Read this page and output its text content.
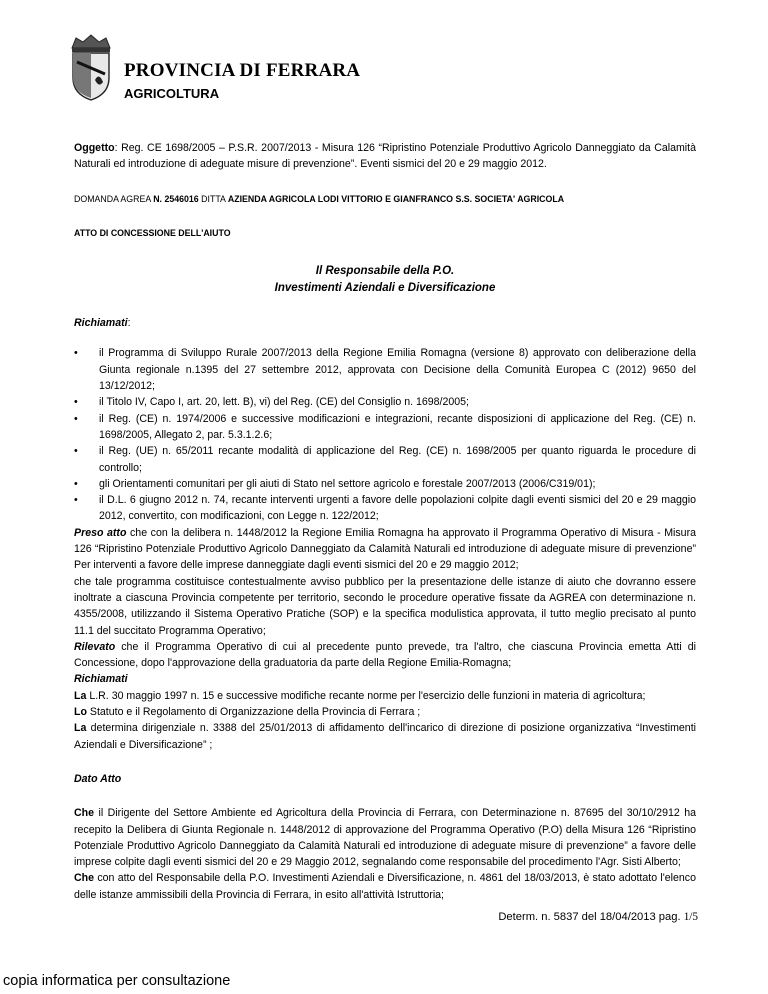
PROVINCIA DI FERRARA
AGRICOLTURA

Oggetto: Reg. CE 1698/2005 – P.S.R. 2007/2013 - Misura 126 “Ripristino Potenziale Produttivo Agricolo Danneggiato da Calamità Naturali ed introduzione di adeguate misure di prevenzione”. Eventi sismici del 20 e 29 maggio 2012.

DOMANDA AGREA N. 2546016 DITTA AZIENDA AGRICOLA LODI VITTORIO E GIANFRANCO S.S. SOCIETA' AGRICOLA

ATTO DI CONCESSIONE DELL'AIUTO

Il Responsabile della P.O.
Investimenti Aziendali e Diversificazione

Richiamati:

• il Programma di Sviluppo Rurale 2007/2013 della Regione Emilia Romagna (versione 8) approvato con deliberazione della Giunta regionale n.1395 del 27 settembre 2012, approvata con Decisione della Comunità Europea C (2012) 9650 del 13/12/2012;
• il Titolo IV, Capo I, art. 20, lett. B), vi) del Reg. (CE) del Consiglio n. 1698/2005;
• il Reg. (CE) n. 1974/2006 e successive modificazioni e integrazioni, recante disposizioni di applicazione del Reg. (CE) n. 1698/2005, Allegato 2, par. 5.3.1.2.6;
• il Reg. (UE) n. 65/2011 recante modalità di applicazione del Reg. (CE) n. 1698/2005 per quanto riguarda le procedure di controllo;
• gli Orientamenti comunitari per gli aiuti di Stato nel settore agricolo e forestale 2007/2013 (2006/C319/01);
• il D.L. 6 giugno 2012 n. 74, recante interventi urgenti a favore delle popolazioni colpite dagli eventi sismici del 20 e 29 maggio 2012, convertito, con modificazioni, con Legge n. 122/2012;

Preso atto che con la delibera n. 1448/2012 la Regione Emilia Romagna ha approvato il Programma Operativo di Misura - Misura 126 “Ripristino Potenziale Produttivo Agricolo Danneggiato da Calamità Naturali ed introduzione di adeguate misure di prevenzione” Per interventi a favore delle imprese danneggiate dagli eventi sismici del 20 e 29 maggio 2012;

che tale programma costituisce contestualmente avviso pubblico per la presentazione delle istanze di aiuto che dovranno essere inoltrate a ciascuna Provincia competente per territorio, secondo le procedure operative fissate da AGREA con determinazione n. 4355/2008, utilizzando il Sistema Operativo Pratiche (SOP) e la specifica modulistica approvata, il tutto meglio precisato al punto 11.1 del succitato Programma Operativo;

Rilevato che il Programma Operativo di cui al precedente punto prevede, tra l'altro, che ciascuna Provincia emetta Atti di Concessione, dopo l'approvazione della graduatoria da parte della Regione Emilia-Romagna;

Richiamati

La L.R. 30 maggio 1997 n. 15 e successive modifiche recante norme per l'esercizio delle funzioni in materia di agricoltura;

Lo Statuto e il Regolamento di Organizzazione della Provincia di Ferrara ;

La determina dirigenziale n. 3388 del 25/01/2013 di affidamento dell'incarico di direzione di posizione organizzativa “Investimenti Aziendali e Diversificazione” ;

Dato Atto

Che il Dirigente del Settore Ambiente ed Agricoltura della Provincia di Ferrara, con Determinazione n. 87695 del 30/10/2912 ha recepito la Delibera di Giunta Regionale n. 1448/2012 di approvazione del Programma Operativo (P.O) della Misura 126 “Ripristino Potenziale Produttivo Agricolo Danneggiato da Calamità Naturali ed introduzione di adeguate misure di prevenzione” a favore delle imprese colpite dagli eventi sismici del 20 e 29 Maggio 2012, segnalando come responsabile del procedimento l'Agr. Sisti Alberto;

Che con atto del Responsabile della P.O. Investimenti Aziendali e Diversificazione, n. 4861 del 18/03/2013, è stato adottato l'elenco delle istanze ammissibili della Provincia di Ferrara, in esito all'attività Istruttoria;

Determ. n. 5837 del 18/04/2013 pag. 1/5
copia informatica per consultazione
